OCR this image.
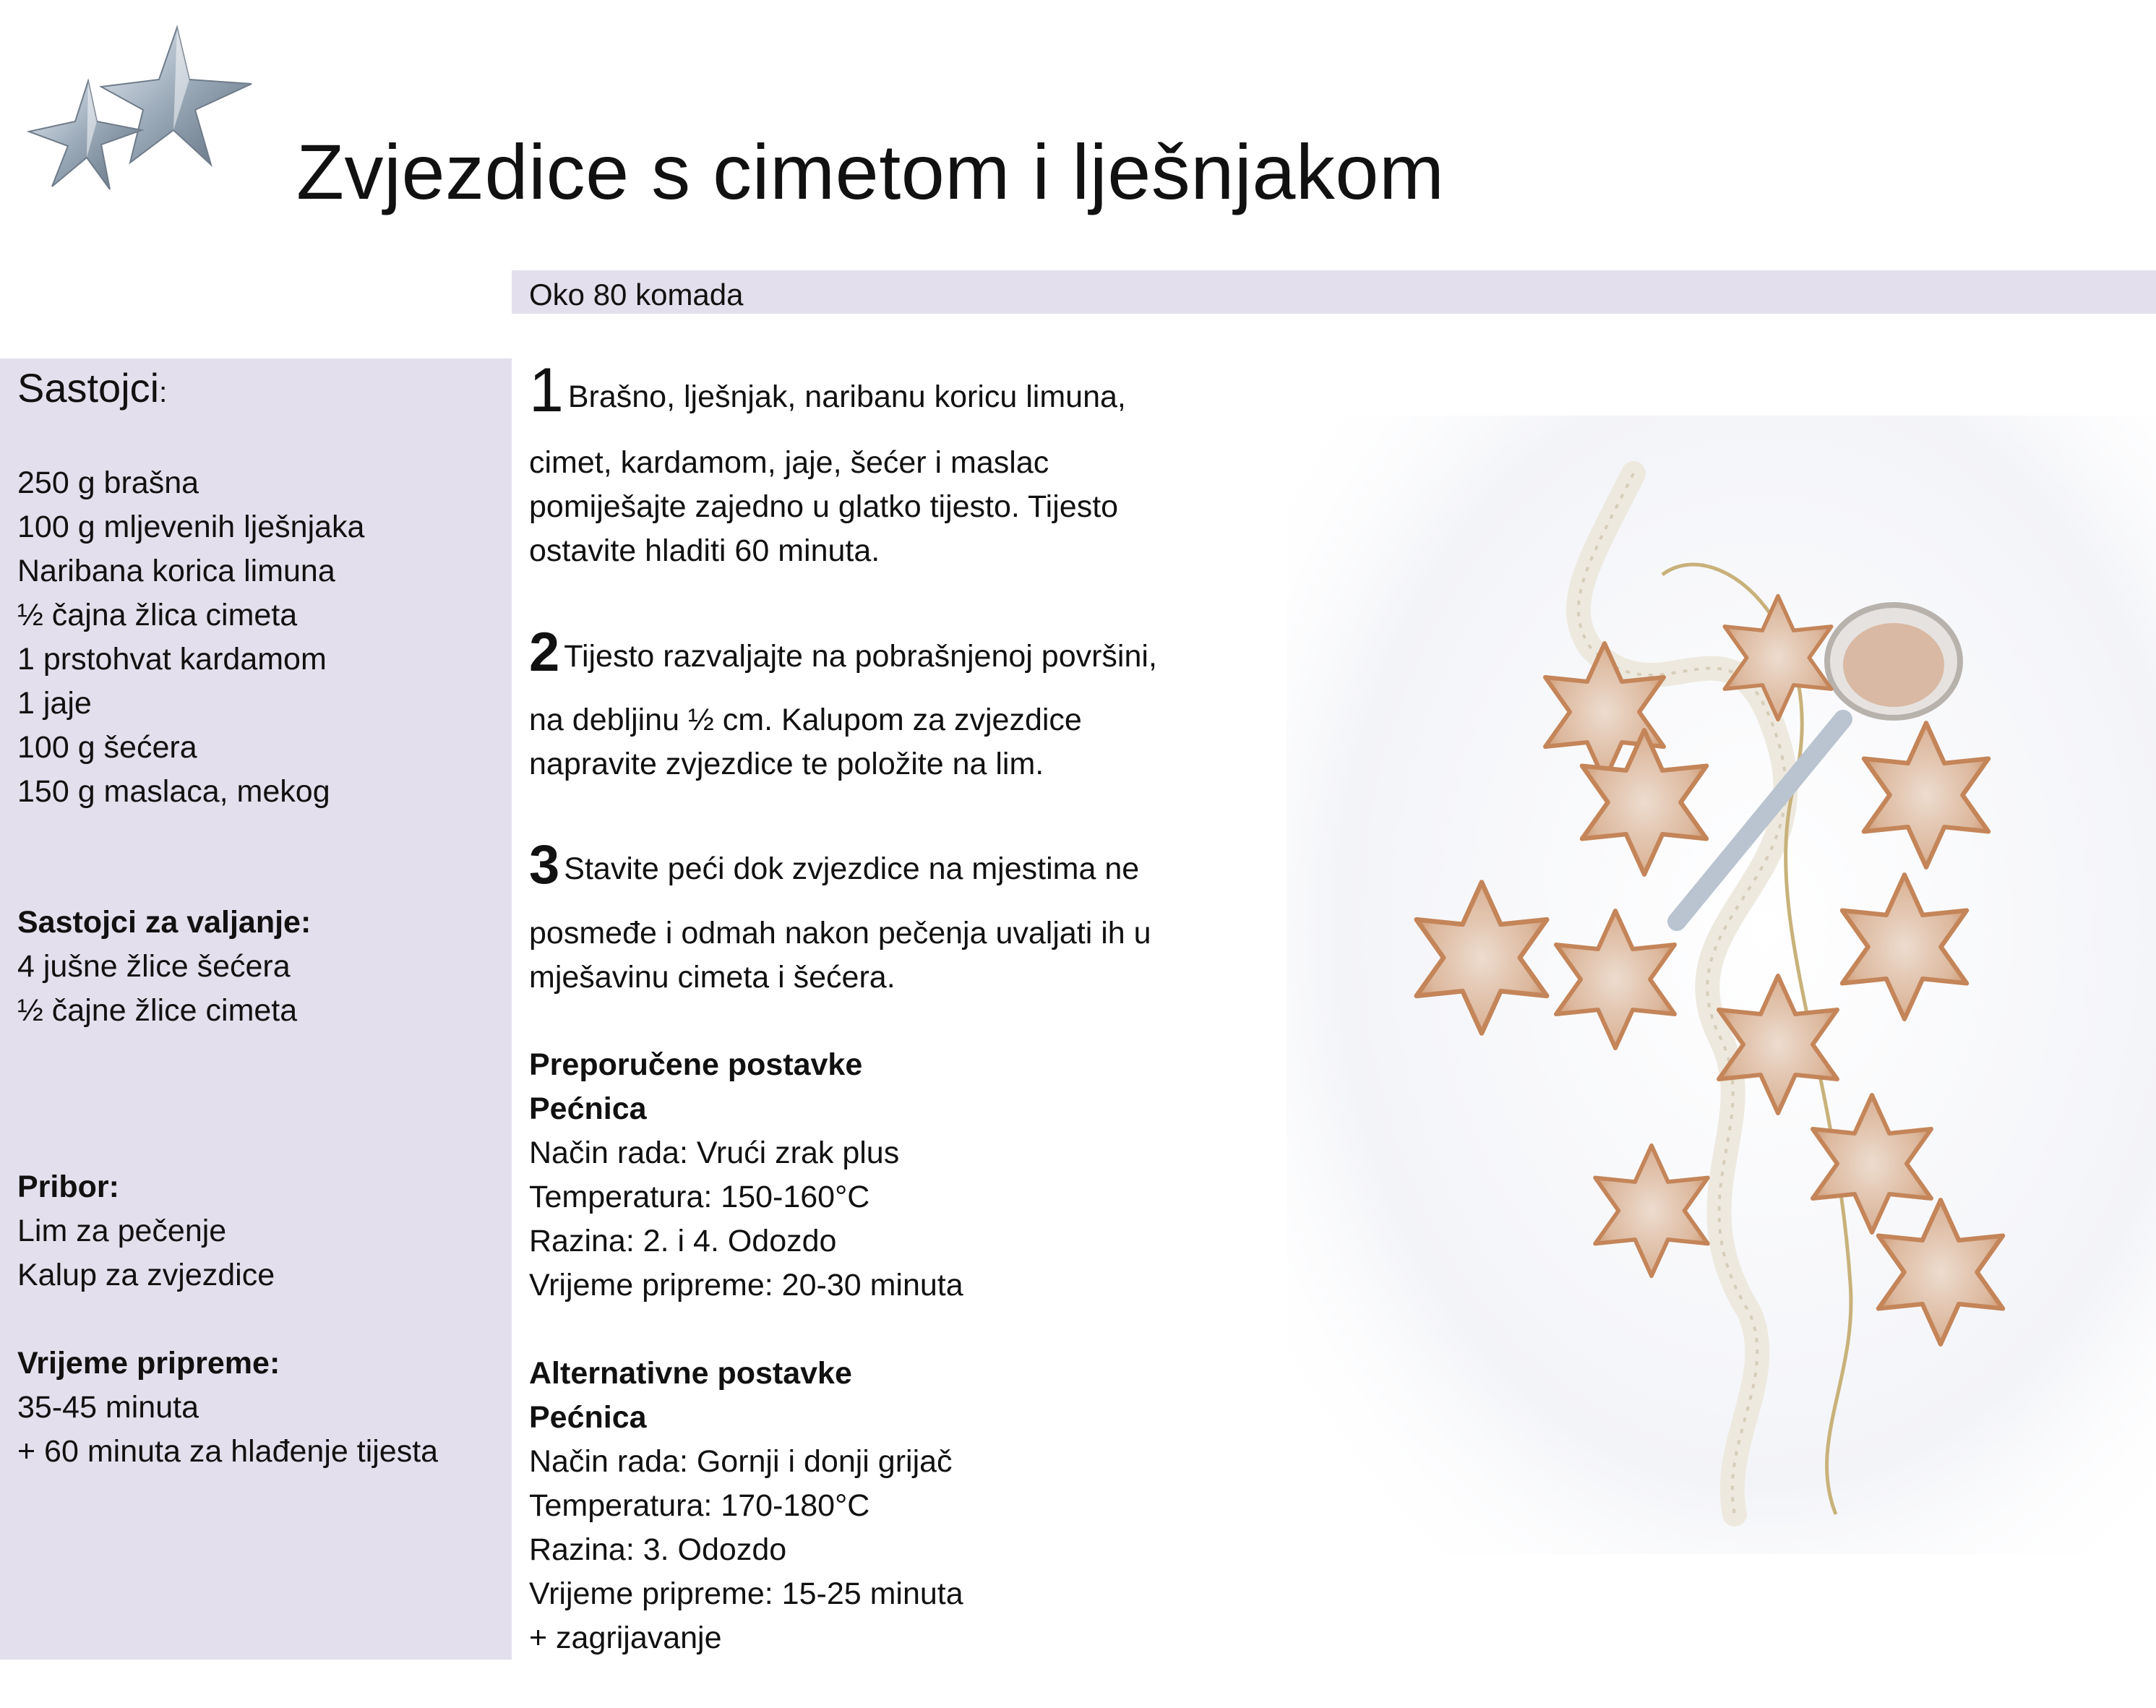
Zvjezdice s cimetom i lješnjakom
Oko 80 komada
Sastojci:
250 g brašna
100 g mljevenih lješnjaka
Naribana korica limuna
½ čajna žlica cimeta
1 prstohvat kardamom
1 jaje
100 g šećera
150 g maslaca, mekog
Sastojci za valjanje:
4 jušne žlice šećera
½ čajne žlice cimeta
Pribor:
Lim za pečenje
Kalup za zvjezdice
Vrijeme pripreme:
35-45 minuta
+ 60 minuta za hlađenje tijesta
1 Brašno, lješnjak, naribanu koricu limuna,
cimet, kardamom, jaje, šećer i maslac
pomiješajte zajedno u glatko tijesto. Tijesto
ostavite hladiti 60 minuta.
2 Tijesto razvaljajte na pobrašnjenoj površini,
na debljinu ½ cm. Kalupom za zvjezdice
napravite zvjezdice te položite na lim.
3 Stavite peći dok zvjezdice na mjestima ne
posmeđe i odmah nakon pečenja uvaljati ih u
mješavinu cimeta i šećera.
Preporučene postavke
Pećnica
Način rada: Vrući zrak plus
Temperatura: 150-160°C
Razina: 2. i 4. Odozdo
Vrijeme pripreme: 20-30 minuta
Alternativne postavke
Pećnica
Način rada: Gornji i donji grijač
Temperatura: 170-180°C
Razina: 3. Odozdo
Vrijeme pripreme: 15-25 minuta
+ zagrijavanje
